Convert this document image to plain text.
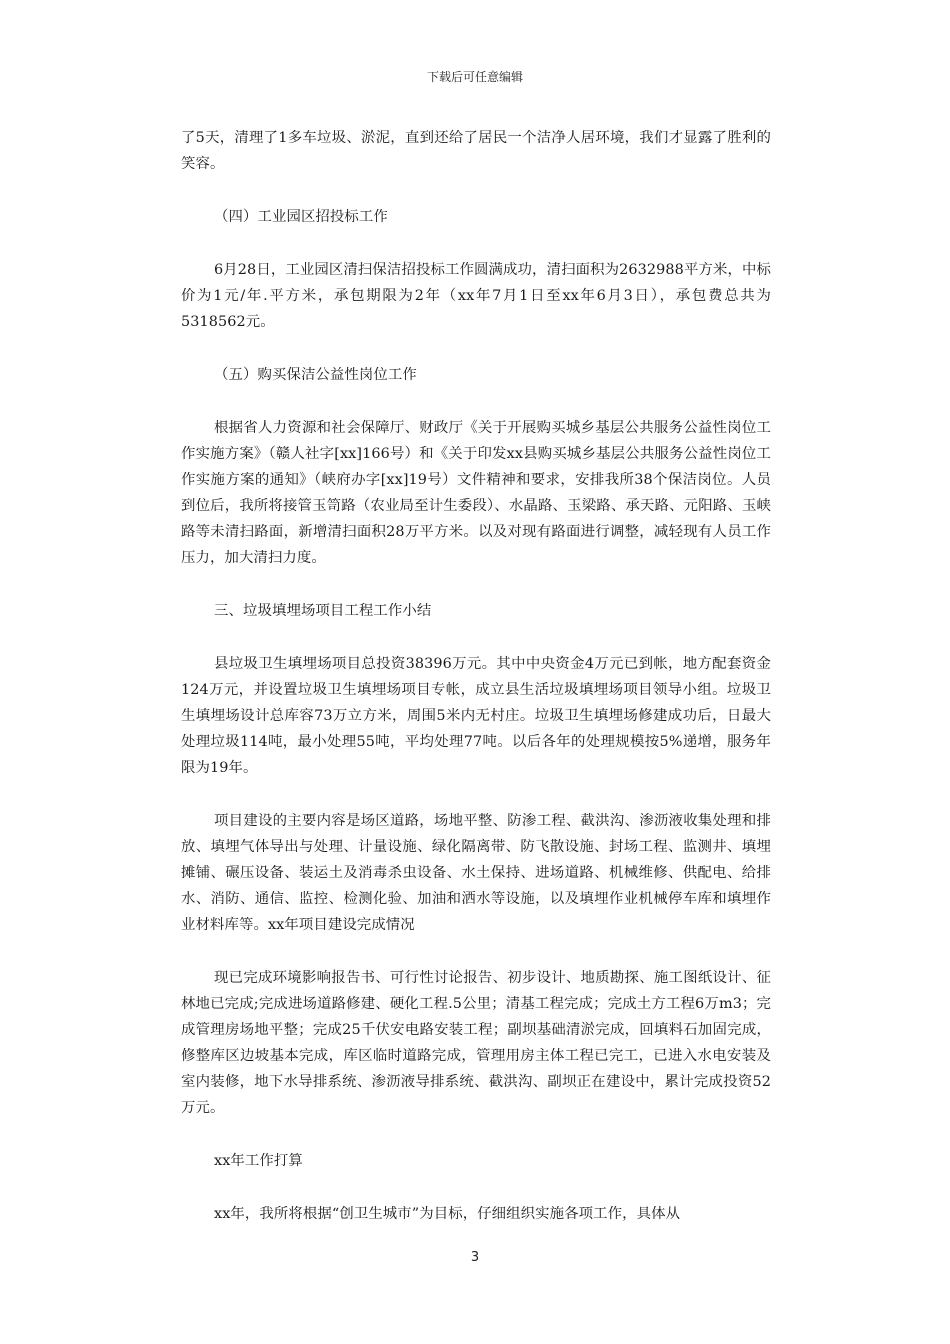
下载后可任意编辑

了5天，清理了1多车垃圾、淤泥，直到还给了居民一个洁净人居环境，我们才显露了胜利的笑容。

（四）工业园区招投标工作

6月28日，工业园区清扫保洁招投标工作圆满成功，清扫面积为2632988平方米，中标价为1元/年.平方米，承包期限为2年（xx年7月1日至xx年6月3日），承包费总共为5318562元。

（五）购买保洁公益性岗位工作

根据省人力资源和社会保障厅、财政厅《关于开展购买城乡基层公共服务公益性岗位工作实施方案》（赣人社字[xx]166号）和《关于印发xx县购买城乡基层公共服务公益性岗位工作实施方案的通知》（峡府办字[xx]19号）文件精神和要求，安排我所38个保洁岗位。人员到位后，我所将接管玉笥路（农业局至计生委段）、水晶路、玉梁路、承天路、元阳路、玉峡路等未清扫路面，新增清扫面积28万平方米。以及对现有路面进行调整，减轻现有人员工作压力，加大清扫力度。

三、垃圾填埋场项目工程工作小结

县垃圾卫生填埋场项目总投资38396万元。其中中央资金4万元已到帐，地方配套资金124万元，并设置垃圾卫生填埋场项目专帐，成立县生活垃圾填埋场项目领导小组。垃圾卫生填埋场设计总库容73万立方米，周围5米内无村庄。垃圾卫生填埋场修建成功后，日最大处理垃圾114吨，最小处理55吨，平均处理77吨。以后各年的处理规模按5%递增，服务年限为19年。

项目建设的主要内容是场区道路，场地平整、防渗工程、截洪沟、渗沥液收集处理和排放、填埋气体导出与处理、计量设施、绿化隔离带、防飞散设施、封场工程、监测井、填埋摊铺、碾压设备、装运土及消毒杀虫设备、水土保持、进场道路、机械维修、供配电、给排水、消防、通信、监控、检测化验、加油和洒水等设施，以及填埋作业机械停车库和填埋作业材料库等。xx年项目建设完成情况

现已完成环境影响报告书、可行性讨论报告、初步设计、地质勘探、施工图纸设计、征林地已完成;完成进场道路修建、硬化工程.5公里；清基工程完成；完成土方工程6万m3；完成管理房场地平整；完成25千伏安电路安装工程；副坝基础清淤完成，回填料石加固完成，修整库区边坡基本完成，库区临时道路完成，管理用房主体工程已完工，已进入水电安装及室内装修，地下水导排系统、渗沥液导排系统、截洪沟、副坝正在建设中，累计完成投资52万元。

xx年工作打算

xx年，我所将根据“创卫生城市”为目标，仔细组织实施各项工作，具体从

3
